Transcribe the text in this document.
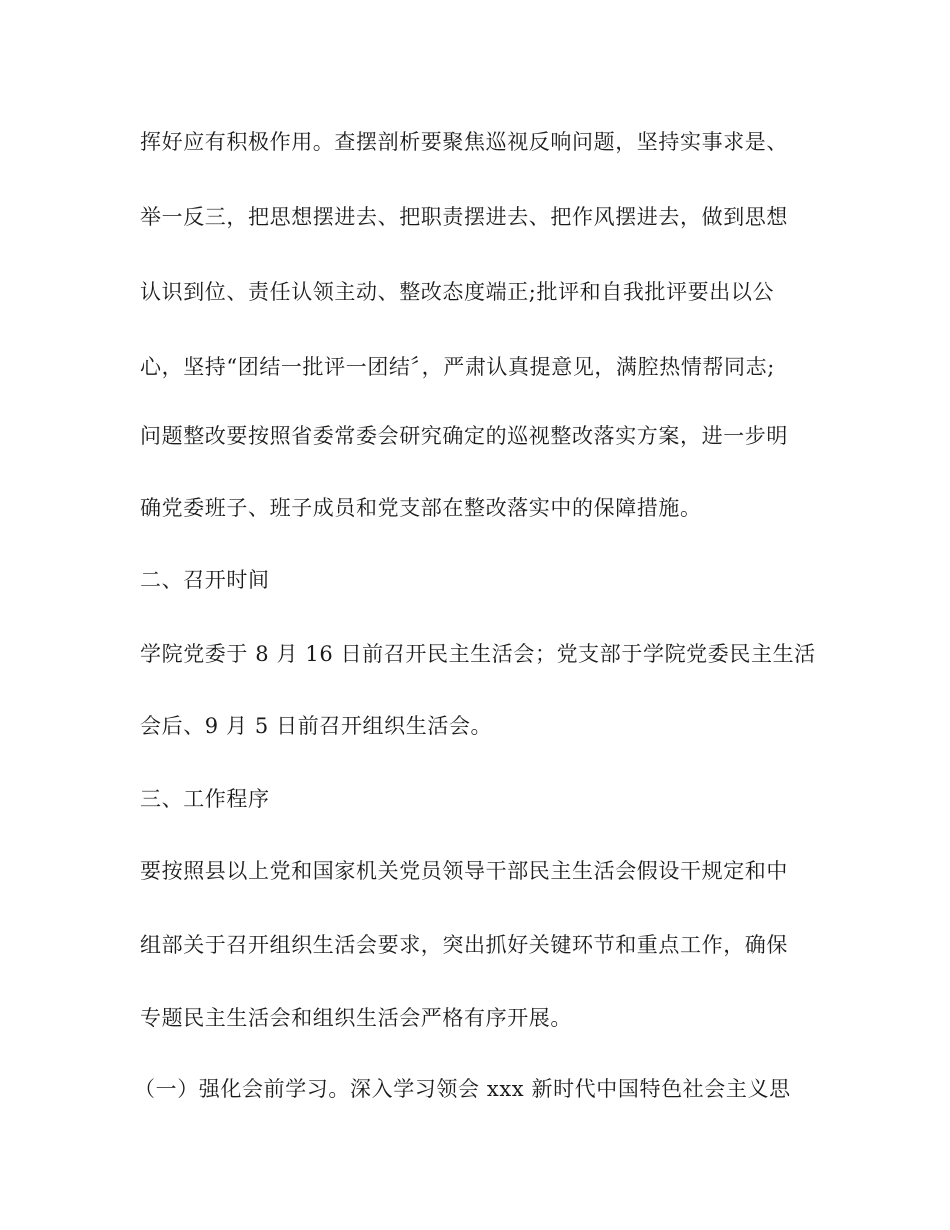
挥好应有积极作用。查摆剖析要聚焦巡视反响问题，坚持实事求是、
举一反三，把思想摆进去、把职责摆进去、把作风摆进去，做到思想
认识到位、责任认领主动、整改态度端正;批评和自我批评要出以公
心，坚持“团结一批评一团结〞，严肃认真提意见，满腔热情帮同志;
问题整改要按照省委常委会研究确定的巡视整改落实方案，进一步明
确党委班子、班子成员和党支部在整改落实中的保障措施。
二、召开时间
学院党委于 8 月 16 日前召开民主生活会；党支部于学院党委民主生活
会后、9 月 5 日前召开组织生活会。
三、工作程序
要按照县以上党和国家机关党员领导干部民主生活会假设干规定和中
组部关于召开组织生活会要求，突出抓好关键环节和重点工作，确保
专题民主生活会和组织生活会严格有序开展。
（一）强化会前学习。深入学习领会 xxx 新时代中国特色社会主义思
